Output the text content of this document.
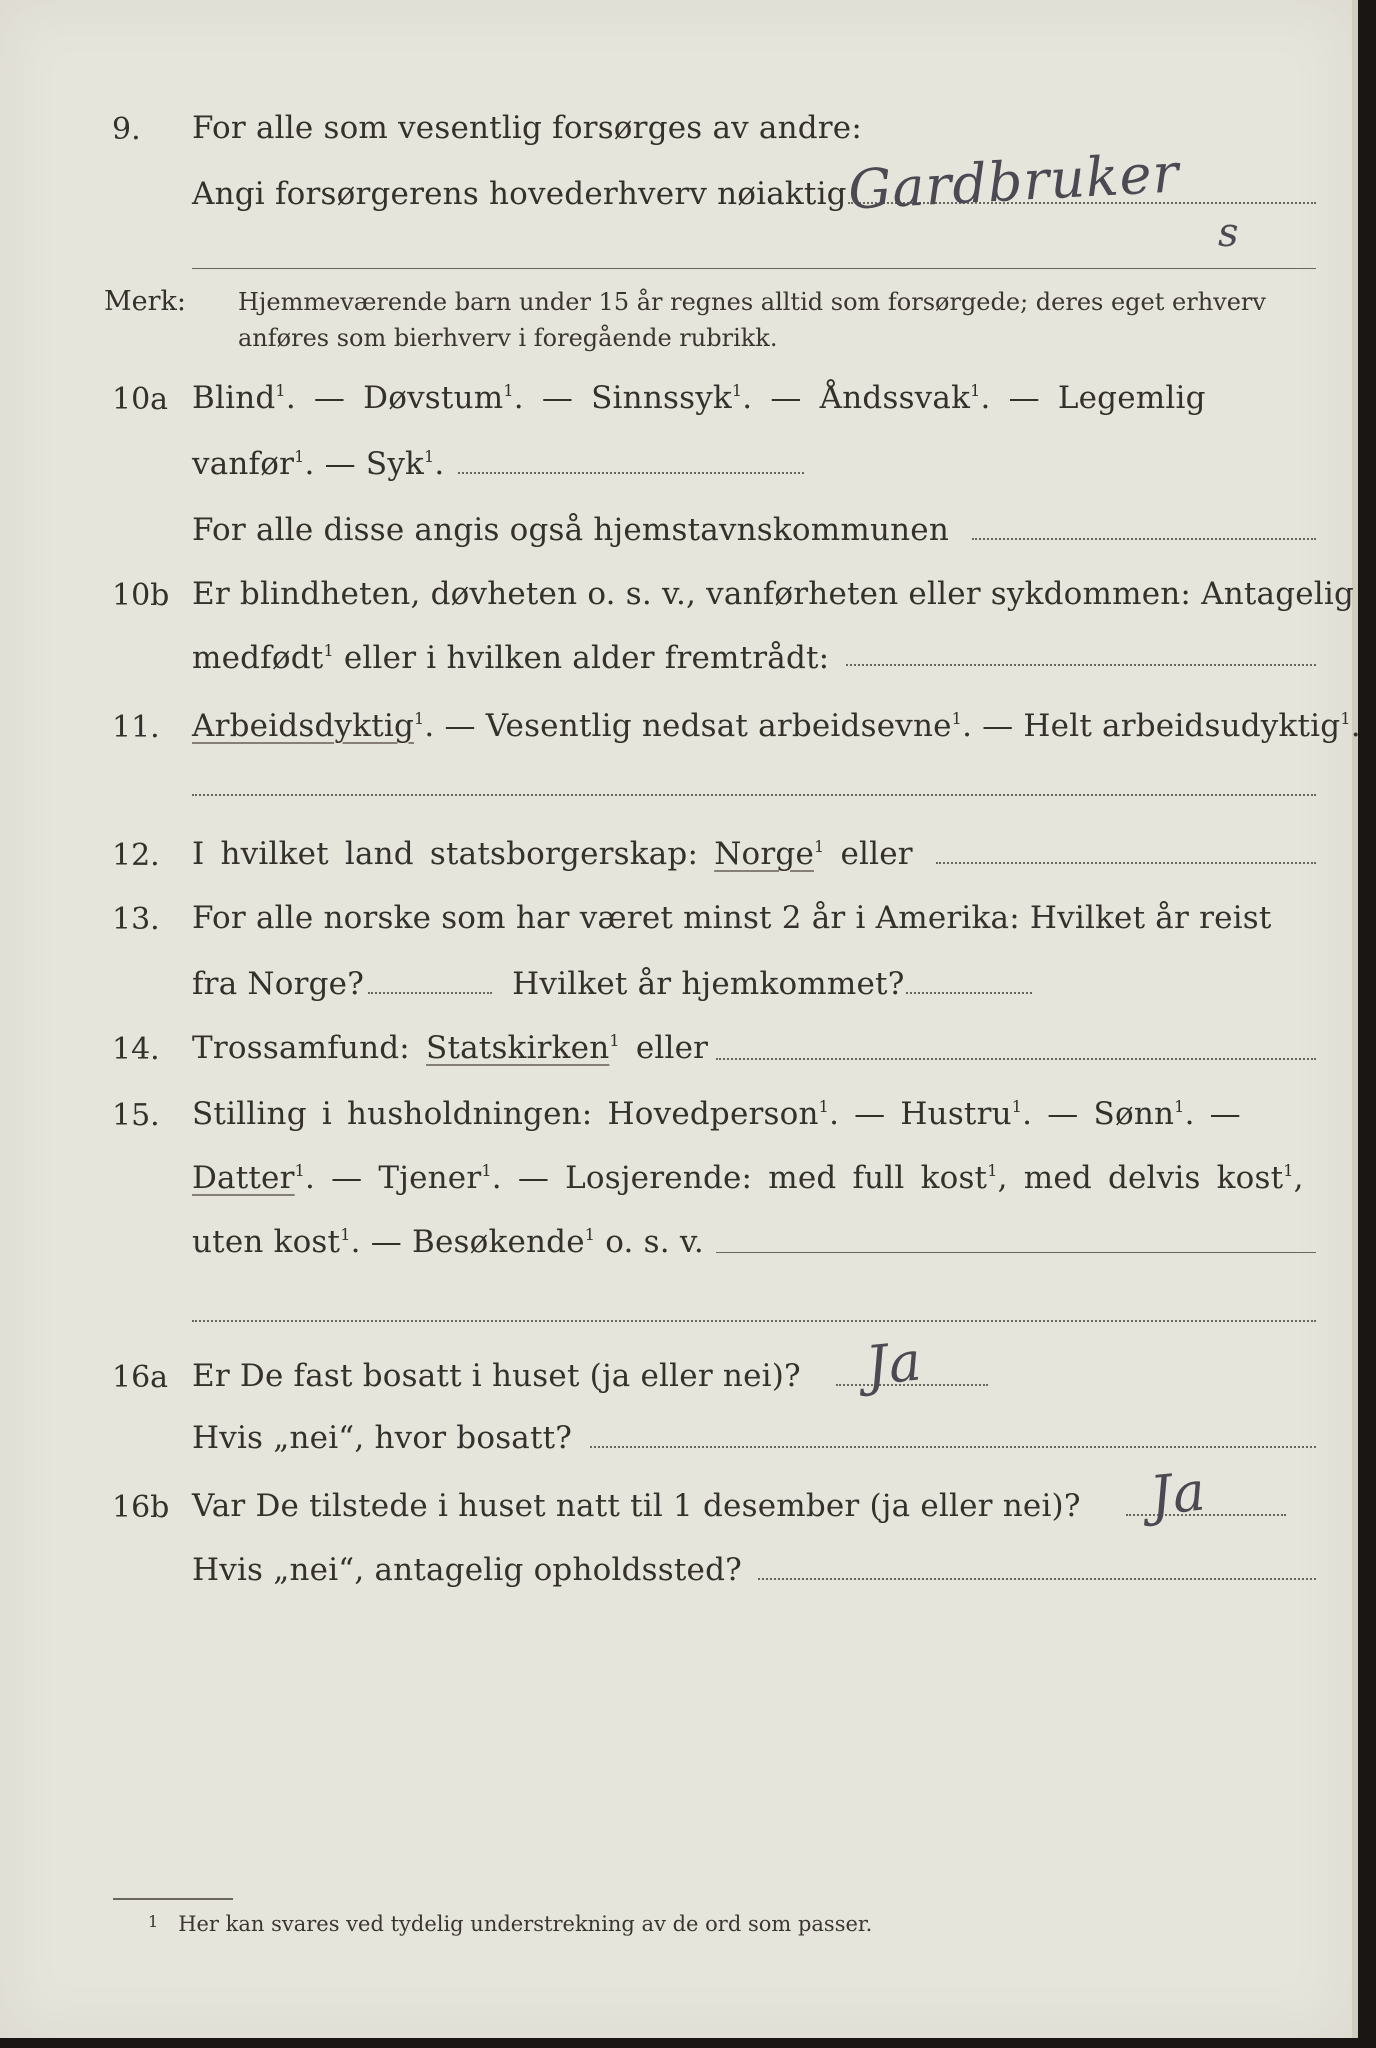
9. For alle som vesentlig forsørges av andre:
Angi forsørgerens hovederhverv nøiaktig Gardbruker
s
Merk: Hjemmeværende barn under 15 år regnes alltid som forsørgede; deres eget erhverv
anføres som bierhverv i foregående rubrikk.
10a Blind$^1$. — Døvstum$^1$. — Sinnssyk$^1$. — Åndssvak$^1$. — Legemlig
vanfør$^1$. — Syk$^1$.
For alle disse angis også hjemstavnskommunen
10b Er blindheten, døvheten o. s. v., vanførheten eller sykdommen: Antagelig
medfødt$^1$ eller i hvilken alder fremtrådt:
11. Arbeidsdyktig$^1$. — Vesentlig nedsat arbeidsevne$^1$. — Helt arbeidsudyktig$^1$.
12. I hvilket land statsborgerskap: Norge$^1$ eller
13. For alle norske som har været minst 2 år i Amerika: Hvilket år reist
fra Norge?	Hvilket år hjemkommet?
14. Trossamfund: Statskirken$^1$ eller
15. Stilling i husholdningen: Hovedperson$^1$. — Hustru$^1$. — Sønn$^1$. —
Datter$^1$. — Tjener$^1$. — Losjerende: med full kost$^1$, med delvis kost$^1$,
uten kost$^1$. — Besøkende$^1$ o. s. v.
16a Er De fast bosatt i huset (ja eller nei)? Ja
Hvis „nei“, hvor bosatt?
16b Var De tilstede i huset natt til 1 desember (ja eller nei)? Ja
Hvis „nei“, antagelig opholdssted?
1 Her kan svares ved tydelig understrekning av de ord som passer.
